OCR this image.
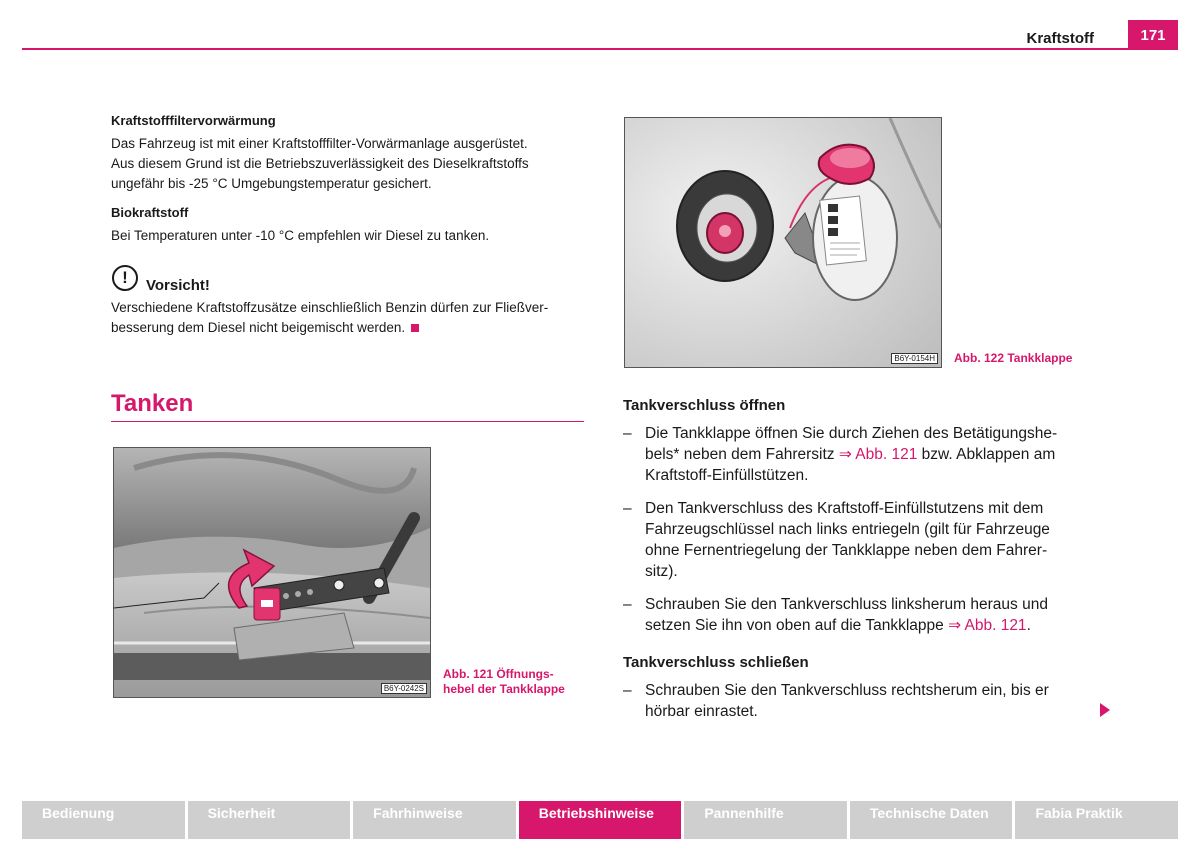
Kraftstoff	171
Kraftstofffiltervorwärmung
Das Fahrzeug ist mit einer Kraftstofffilter-Vorwärmanlage ausgerüstet.
Aus diesem Grund ist die Betriebszuverlässigkeit des Dieselkraftstoffs
ungefähr bis -25 °C Umgebungstemperatur gesichert.
Biokraftstoff
Bei Temperaturen unter -10 °C empfehlen wir Diesel zu tanken.
!	Vorsicht!
Verschiedene Kraftstoffzusätze einschließlich Benzin dürfen zur Fließver-
besserung dem Diesel nicht beigemischt werden.
Tanken
B6Y-0242S
Abb. 121 Öffnungs-
hebel der Tankklappe
B6Y-0154H Abb. 122 Tankklappe
Tankverschluss öffnen
– Die Tankklappe öffnen Sie durch Ziehen des Betätigungshe-
bels* neben dem Fahrersitz ⇒ Abb. 121 bzw. Abklappen am
Kraftstoff-Einfüllstützen.
– Den Tankverschluss des Kraftstoff-Einfüllstutzens mit dem
Fahrzeugschlüssel nach links entriegeln (gilt für Fahrzeuge
ohne Fernentriegelung der Tankklappe neben dem Fahrer-
sitz).
– Schrauben Sie den Tankverschluss linksherum heraus und
setzen Sie ihn von oben auf die Tankklappe ⇒ Abb. 121.
Tankverschluss schließen
– Schrauben Sie den Tankverschluss rechtsherum ein, bis er
hörbar einrastet.
Bedienung	Sicherheit	Fahrhinweise	Betriebshinweise	Pannenhilfe	Technische Daten	Fabia Praktik
